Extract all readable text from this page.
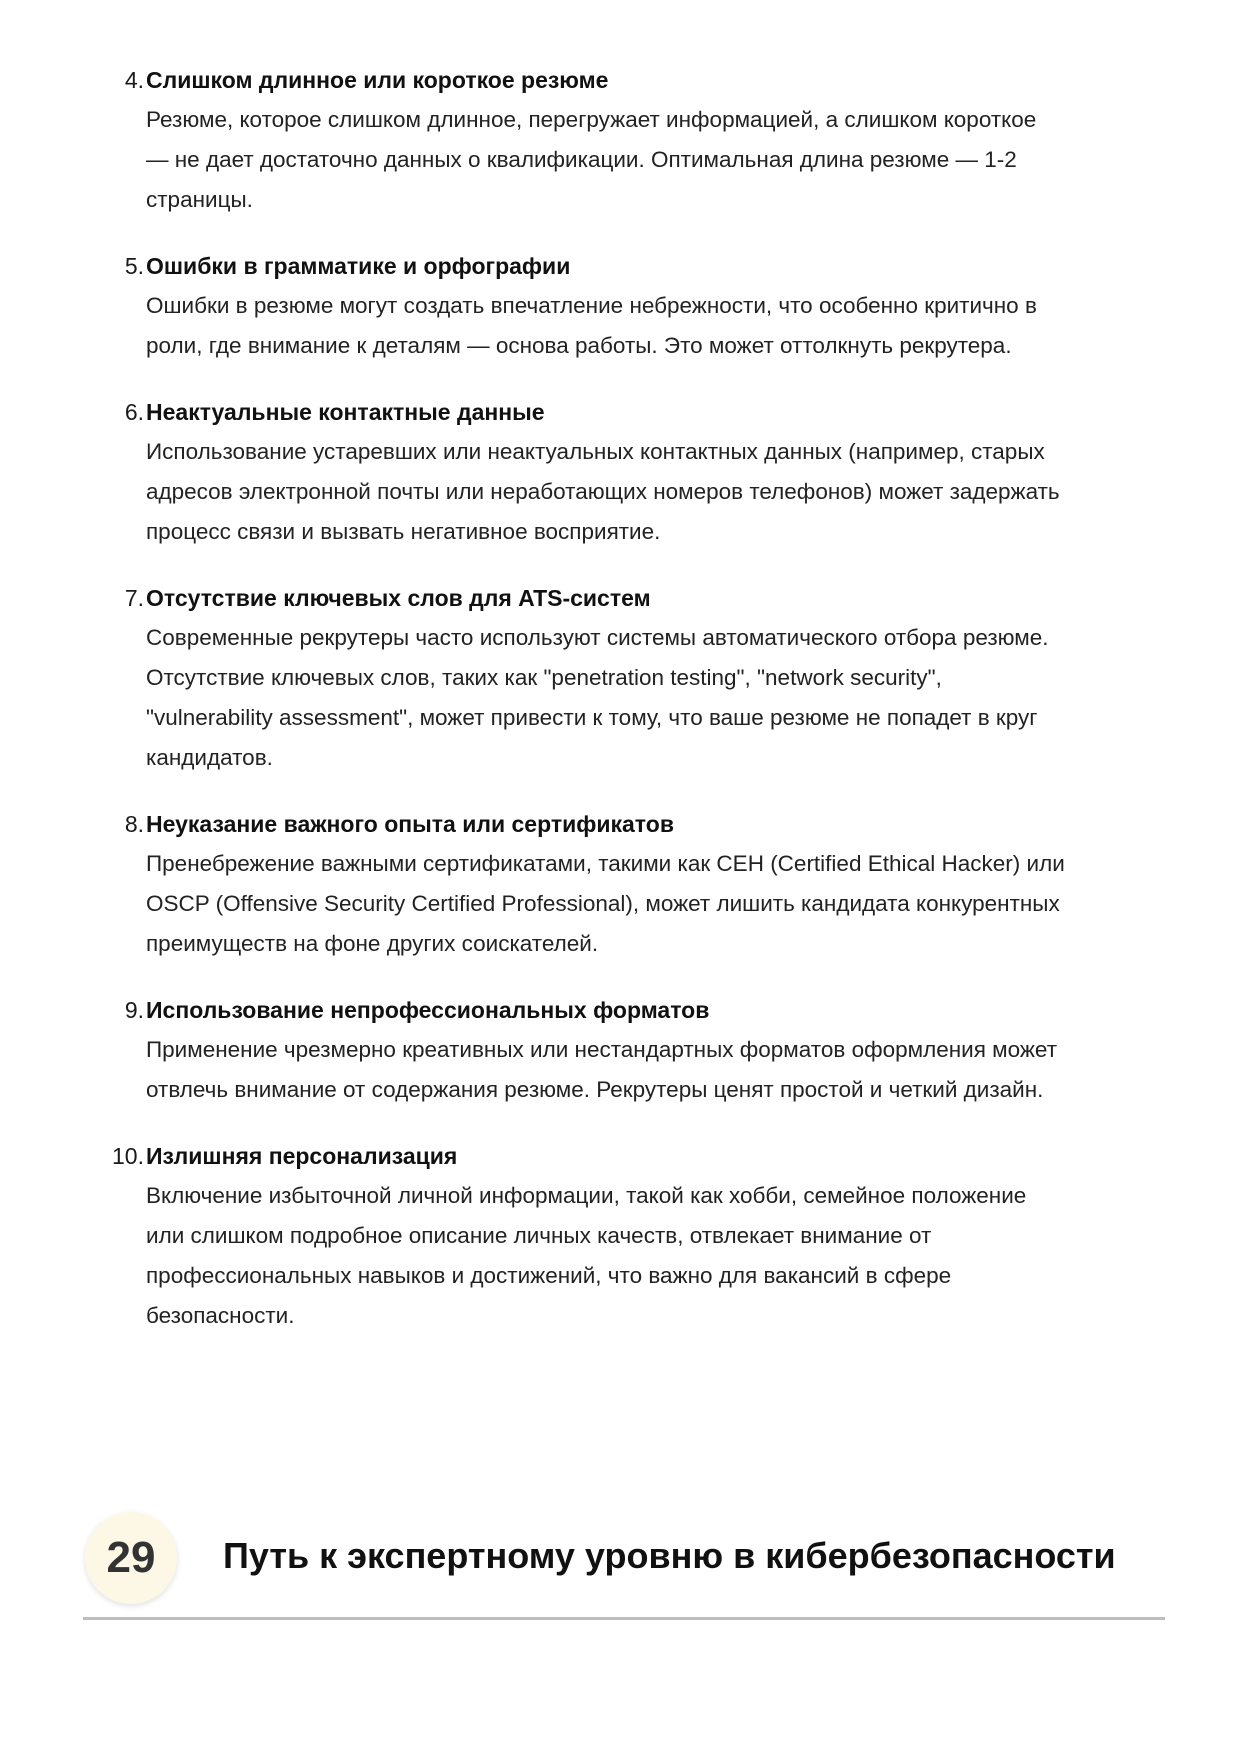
4. Слишком длинное или короткое резюме
Резюме, которое слишком длинное, перегружает информацией, а слишком короткое
— не дает достаточно данных о квалификации. Оптимальная длина резюме — 1-2
страницы.
5. Ошибки в грамматике и орфографии
Ошибки в резюме могут создать впечатление небрежности, что особенно критично в
роли, где внимание к деталям — основа работы. Это может оттолкнуть рекрутера.
6. Неактуальные контактные данные
Использование устаревших или неактуальных контактных данных (например, старых
адресов электронной почты или неработающих номеров телефонов) может задержать
процесс связи и вызвать негативное восприятие.
7. Отсутствие ключевых слов для ATS-систем
Современные рекрутеры часто используют системы автоматического отбора резюме.
Отсутствие ключевых слов, таких как "penetration testing", "network security",
"vulnerability assessment", может привести к тому, что ваше резюме не попадет в круг
кандидатов.
8. Неуказание важного опыта или сертификатов
Пренебрежение важными сертификатами, такими как CEH (Certified Ethical Hacker) или
OSCP (Offensive Security Certified Professional), может лишить кандидата конкурентных
преимуществ на фоне других соискателей.
9. Использование непрофессиональных форматов
Применение чрезмерно креативных или нестандартных форматов оформления может
отвлечь внимание от содержания резюме. Рекрутеры ценят простой и четкий дизайн.
10. Излишняя персонализация
Включение избыточной личной информации, такой как хобби, семейное положение
или слишком подробное описание личных качеств, отвлекает внимание от
профессиональных навыков и достижений, что важно для вакансий в сфере
безопасности.
29	Путь к экспертному уровню в кибербезопасности
